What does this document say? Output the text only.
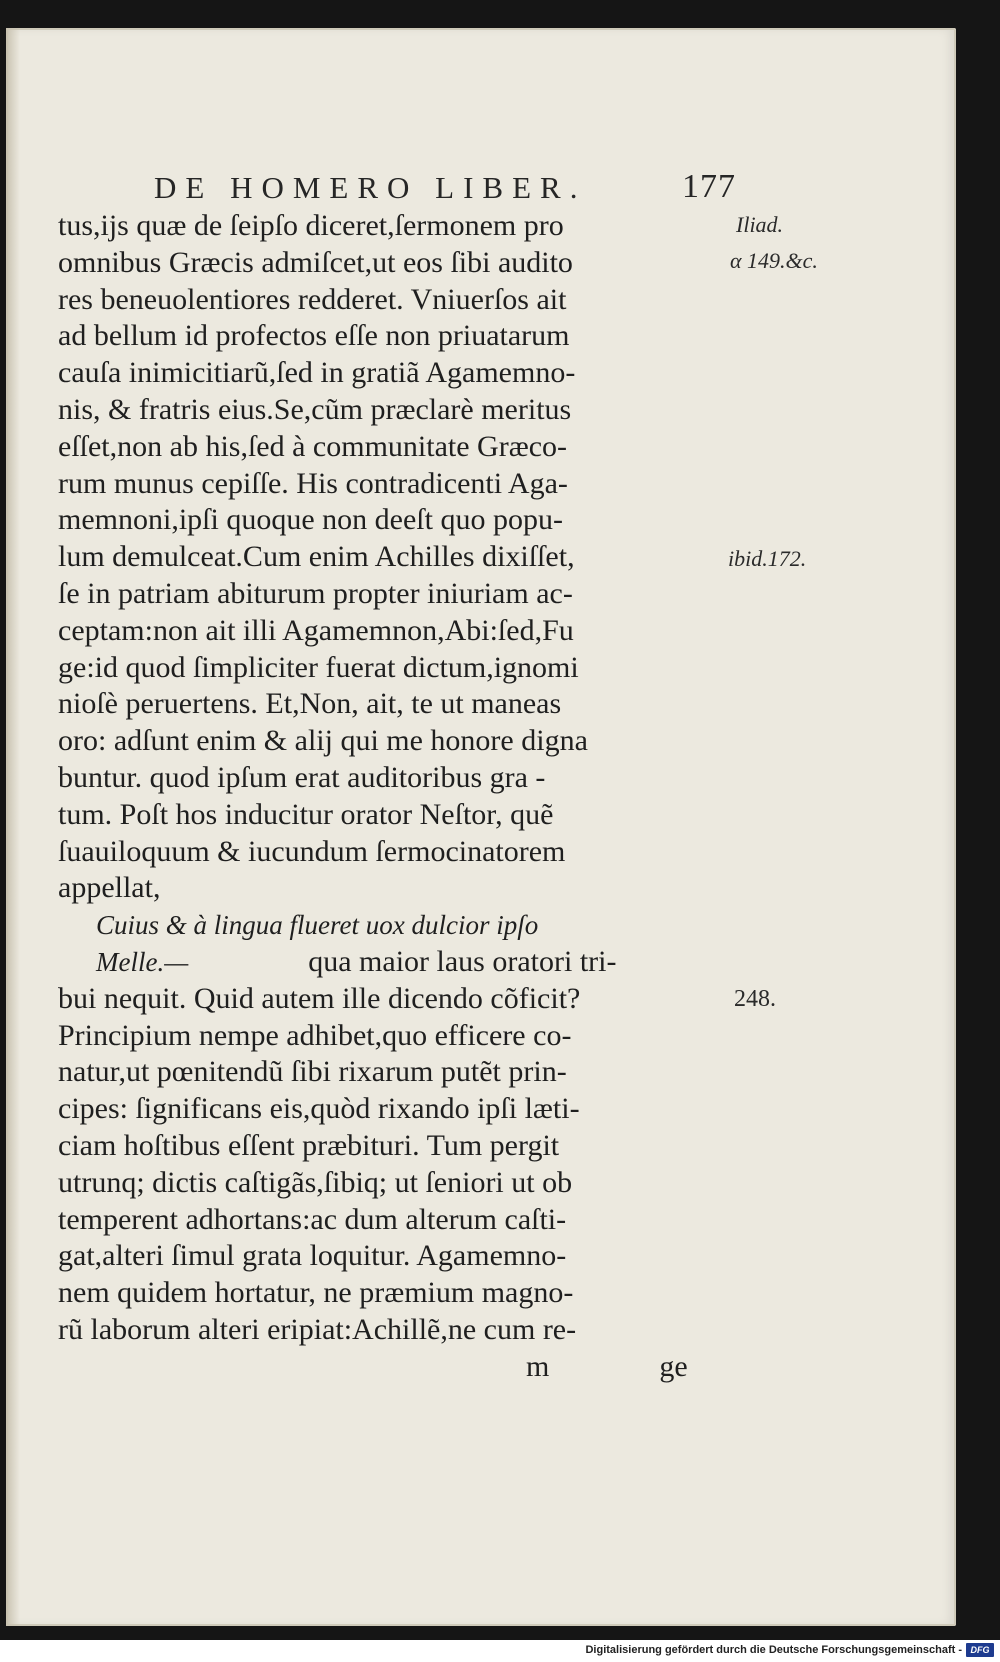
DE HOMERO LIBER.	177
tus,ijs quæ de ſeipſo diceret,ſermonem pro
omnibus Græcis admiſcet,ut eos ſibi audito
res beneuolentiores redderet. Vniuerſos ait
ad bellum id profectos eſſe non priuatarum
cauſa inimicitiarũ,ſed in gratiã Agamemno-
nis, & fratris eius.Se,cũm præclarè meritus
eſſet,non ab his,ſed à communitate Græco-
rum munus cepiſſe. His contradicenti Aga-
memnoni,ipſi quoque non deeſt quo popu-
lum demulceat.Cum enim Achilles dixiſſet,
ſe in patriam abiturum propter iniuriam ac-
ceptam:non ait illi Agamemnon,Abi:ſed,Fu
ge:id quod ſimpliciter fuerat dictum,ignomi
nioſè peruertens. Et,Non, ait, te ut maneas
oro: adſunt enim & alij qui me honore digna
buntur. quod ipſum erat auditoribus gra -
tum. Poſt hos inducitur orator Neſtor, quẽ
ſuauiloquum & iucundum ſermocinatorem
appellat,
Cuius & à lingua flueret uox dulcior ipſo
Melle.—	qua maior laus oratori tri-
bui nequit. Quid autem ille dicendo cõficit?
Principium nempe adhibet,quo efficere co-
natur,ut pœnitendũ ſibi rixarum putẽt prin-
cipes: ſignificans eis,quòd rixando ipſi læti-
ciam hoſtibus eſſent præbituri. Tum pergit
utrunq; dictis caſtigãs,ſibiq; ut ſeniori ut ob
temperent adhortans:ac dum alterum caſti-
gat,alteri ſimul grata loquitur. Agamemno-
nem quidem hortatur, ne præmium magno-
rũ laborum alteri eripiat:Achillẽ,ne cum re-
m	ge
Iliad.
α 149.&c.
ibid.172.
248.
Digitalisierung gefördert durch die Deutsche Forschungsgemeinschaft - DFG
